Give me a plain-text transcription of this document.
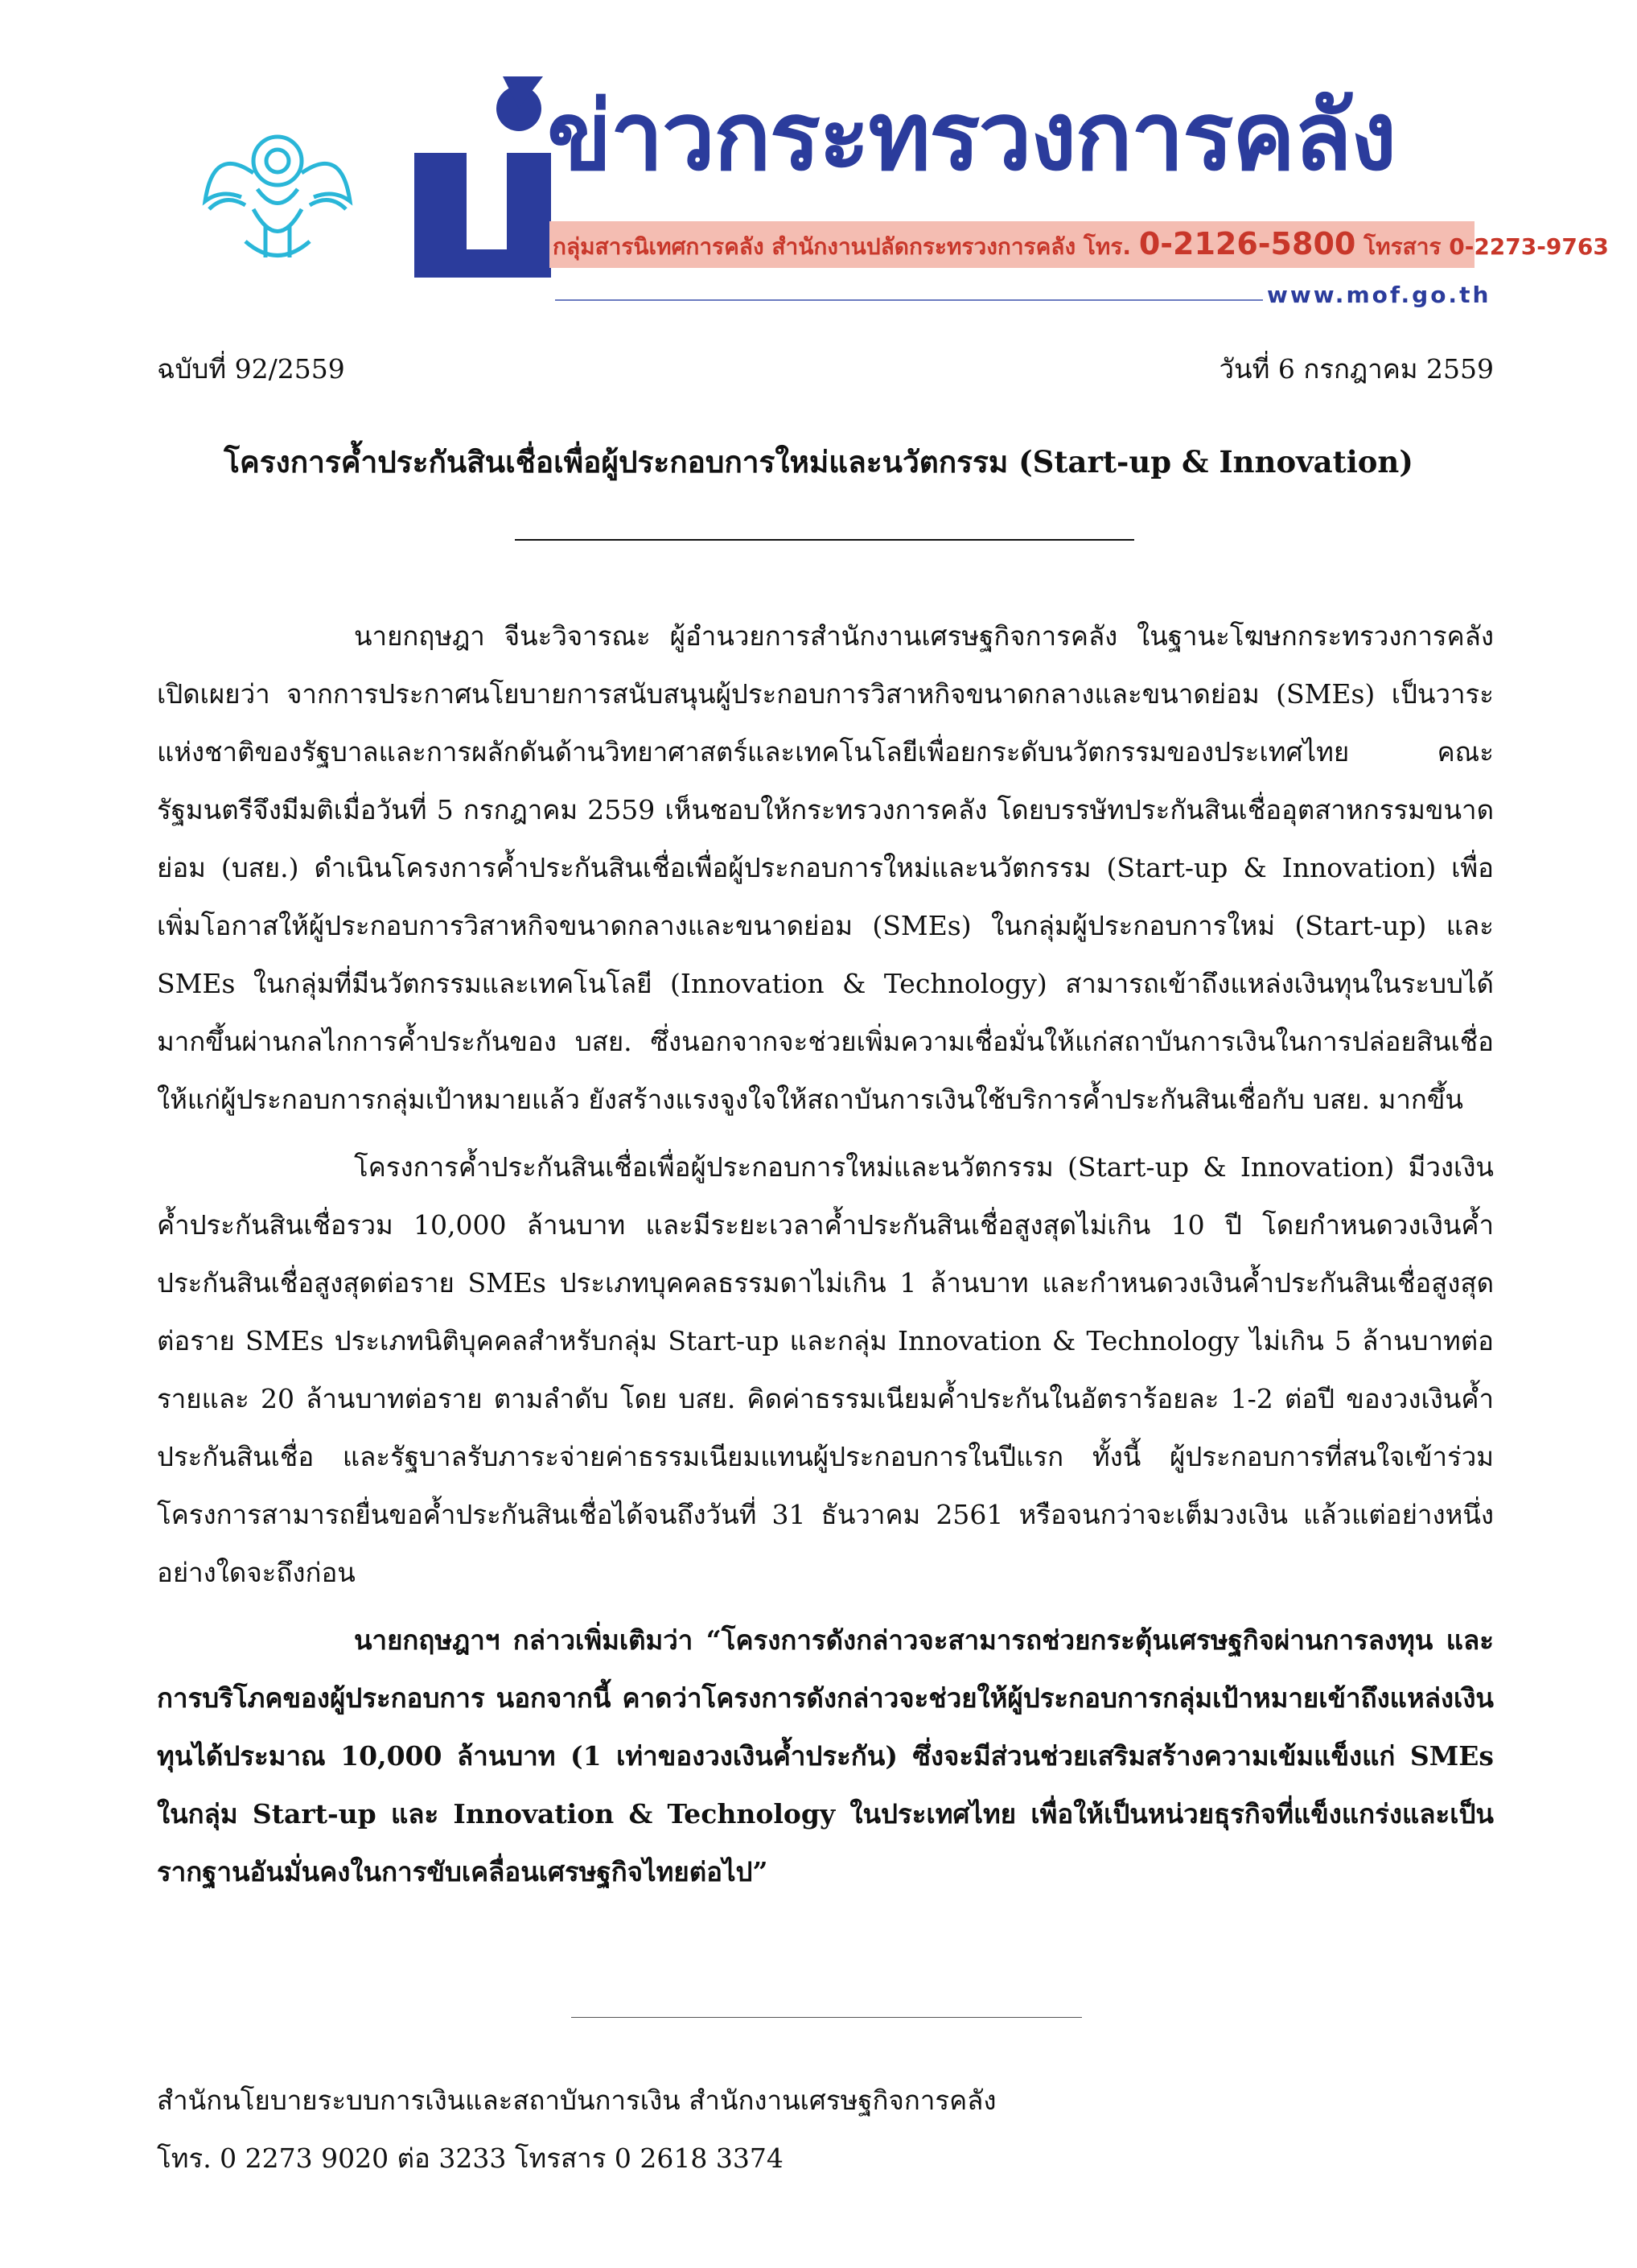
ข่าวกระทรวงการคลัง
กลุ่มสารนิเทศการคลัง สำนักงานปลัดกระทรวงการคลัง โทร. 0-2126-5800 โทรสาร 0-2273-9763
www.mof.go.th
ฉบับที่ 92/2559	วันที่ 6 กรกฎาคม 2559
โครงการค้ำประกันสินเชื่อเพื่อผู้ประกอบการใหม่และนวัตกรรม (Start-up & Innovation)

นายกฤษฎา จีนะวิจารณะ ผู้อำนวยการสำนักงานเศรษฐกิจการคลัง ในฐานะโฆษกกระทรวงการคลัง เปิดเผยว่า จากการประกาศนโยบายการสนับสนุนผู้ประกอบการวิสาหกิจขนาดกลางและขนาดย่อม (SMEs) เป็นวาระแห่งชาติของรัฐบาลและการผลักดันด้านวิทยาศาสตร์และเทคโนโลยีเพื่อยกระดับนวัตกรรมของประเทศไทย คณะรัฐมนตรีจึงมีมติเมื่อวันที่ 5 กรกฎาคม 2559 เห็นชอบให้กระทรวงการคลัง โดยบรรษัทประกันสินเชื่ออุตสาหกรรมขนาดย่อม (บสย.) ดำเนินโครงการค้ำประกันสินเชื่อเพื่อผู้ประกอบการใหม่และนวัตกรรม (Start-up & Innovation) เพื่อเพิ่มโอกาสให้ผู้ประกอบการวิสาหกิจขนาดกลางและขนาดย่อม (SMEs) ในกลุ่มผู้ประกอบการใหม่ (Start-up) และ SMEs ในกลุ่มที่มีนวัตกรรมและเทคโนโลยี (Innovation & Technology) สามารถเข้าถึงแหล่งเงินทุนในระบบได้มากขึ้นผ่านกลไกการค้ำประกันของ บสย. ซึ่งนอกจากจะช่วยเพิ่มความเชื่อมั่นให้แก่สถาบันการเงินในการปล่อยสินเชื่อให้แก่ผู้ประกอบการกลุ่มเป้าหมายแล้ว ยังสร้างแรงจูงใจให้สถาบันการเงินใช้บริการค้ำประกันสินเชื่อกับ บสย. มากขึ้น

โครงการค้ำประกันสินเชื่อเพื่อผู้ประกอบการใหม่และนวัตกรรม (Start-up & Innovation) มีวงเงินค้ำประกันสินเชื่อรวม 10,000 ล้านบาท และมีระยะเวลาค้ำประกันสินเชื่อสูงสุดไม่เกิน 10 ปี โดยกำหนดวงเงินค้ำประกันสินเชื่อสูงสุดต่อราย SMEs ประเภทบุคคลธรรมดาไม่เกิน 1 ล้านบาท และกำหนดวงเงินค้ำประกันสินเชื่อสูงสุดต่อราย SMEs ประเภทนิติบุคคลสำหรับกลุ่ม Start-up และกลุ่ม Innovation & Technology ไม่เกิน 5 ล้านบาทต่อรายและ 20 ล้านบาทต่อราย ตามลำดับ โดย บสย. คิดค่าธรรมเนียมค้ำประกันในอัตราร้อยละ 1-2 ต่อปี ของวงเงินค้ำประกันสินเชื่อ และรัฐบาลรับภาระจ่ายค่าธรรมเนียมแทนผู้ประกอบการในปีแรก ทั้งนี้ ผู้ประกอบการที่สนใจเข้าร่วมโครงการสามารถยื่นขอค้ำประกันสินเชื่อได้จนถึงวันที่ 31 ธันวาคม 2561 หรือจนกว่าจะเต็มวงเงิน แล้วแต่อย่างหนึ่งอย่างใดจะถึงก่อน

นายกฤษฎาฯ กล่าวเพิ่มเติมว่า “โครงการดังกล่าวจะสามารถช่วยกระตุ้นเศรษฐกิจผ่านการลงทุน และการบริโภคของผู้ประกอบการ นอกจากนี้ คาดว่าโครงการดังกล่าวจะช่วยให้ผู้ประกอบการกลุ่มเป้าหมายเข้าถึงแหล่งเงินทุนได้ประมาณ 10,000 ล้านบาท (1 เท่าของวงเงินค้ำประกัน) ซึ่งจะมีส่วนช่วยเสริมสร้างความเข้มแข็งแก่ SMEs ในกลุ่ม Start-up และ Innovation & Technology ในประเทศไทย เพื่อให้เป็นหน่วยธุรกิจที่แข็งแกร่งและเป็นรากฐานอันมั่นคงในการขับเคลื่อนเศรษฐกิจไทยต่อไป”

สำนักนโยบายระบบการเงินและสถาบันการเงิน สำนักงานเศรษฐกิจการคลัง
โทร. 0 2273 9020 ต่อ 3233 โทรสาร 0 2618 3374
